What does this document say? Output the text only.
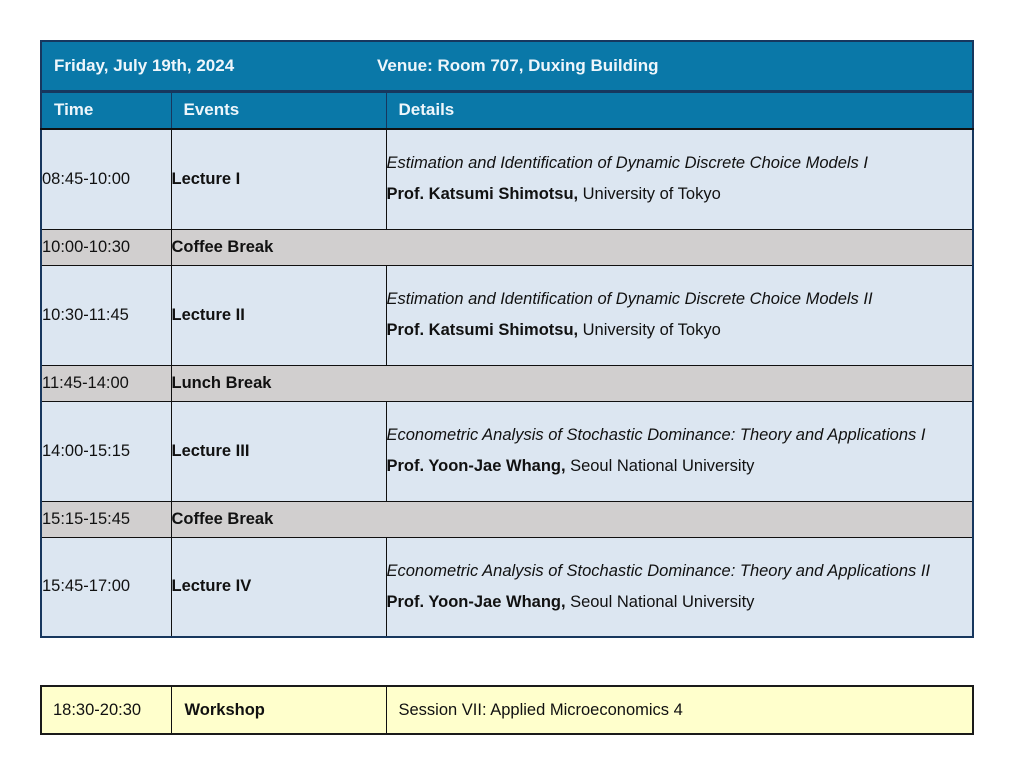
Friday, July 19th, 2024 Venue: Room 707, Duxing Building		

Time	Events	Details
08:45-10:00	Lecture I	Estimation and Identification of Dynamic Discrete Choice Models I
Prof. Katsumi Shimotsu, University of Tokyo

10:00-10:30	Coffee Break	
10:30-11:45	Lecture II	Estimation and Identification of Dynamic Discrete Choice Models II
Prof. Katsumi Shimotsu, University of Tokyo

11:45-14:00	Lunch Break	
14:00-15:15	Lecture III	Econometric Analysis of Stochastic Dominance: Theory and Applications I
Prof. Yoon-Jae Whang, Seoul National University

15:15-15:45	Coffee Break	
15:45-17:00	Lecture IV	Econometric Analysis of Stochastic Dominance: Theory and Applications II
Prof. Yoon-Jae Whang, Seoul National University
18:30-20:30	Workshop	Session VII: Applied Microeconomics 4
